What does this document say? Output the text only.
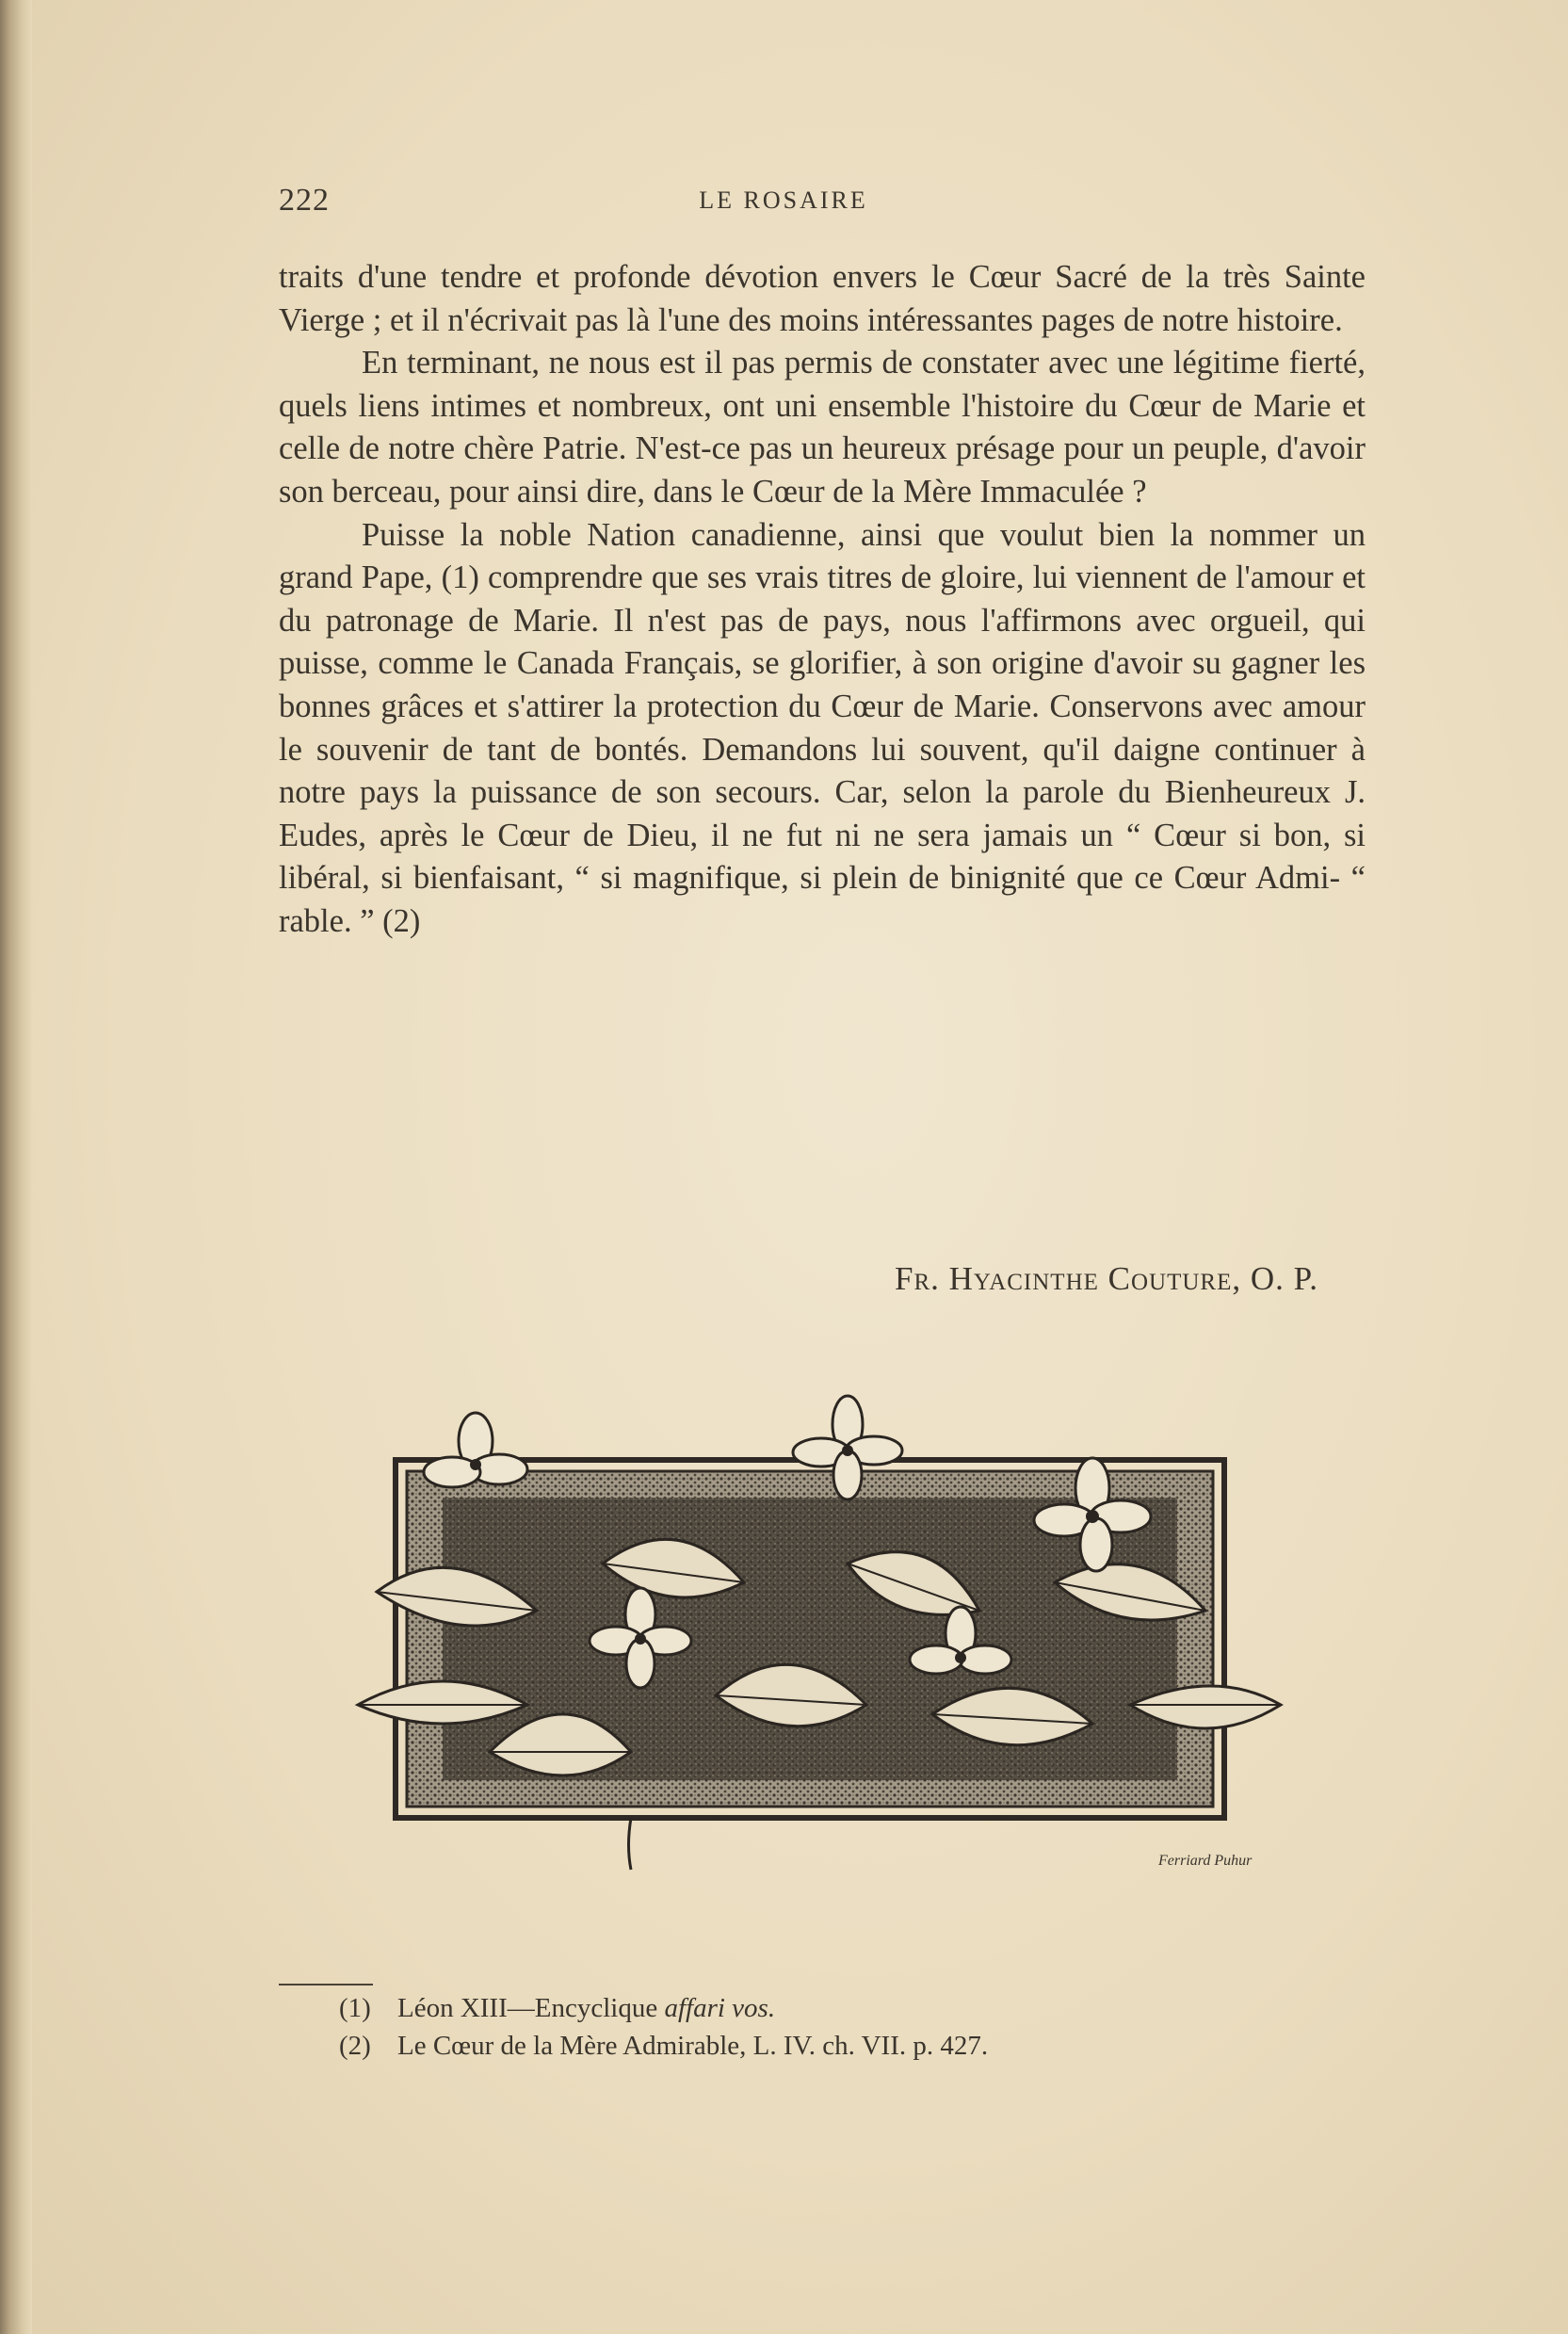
222	LE ROSAIRE

traits d'une tendre et profonde dévotion envers le Cœur Sacré de la très Sainte Vierge ; et il n'écrivait pas là l'une des moins intéressantes pages de notre histoire.

En terminant, ne nous est il pas permis de constater avec une légitime fierté, quels liens intimes et nombreux, ont uni ensemble l'histoire du Cœur de Marie et celle de notre chère Patrie. N'est-ce pas un heureux présage pour un peuple, d'avoir son berceau, pour ainsi dire, dans le Cœur de la Mère Immaculée ?

Puisse la noble Nation canadienne, ainsi que voulut bien la nommer un grand Pape, (1) comprendre que ses vrais titres de gloire, lui viennent de l'amour et du patronage de Marie. Il n'est pas de pays, nous l'affirmons avec orgueil, qui puisse, comme le Canada Français, se glorifier, à son origine d'avoir su gagner les bonnes grâces et s'attirer la protection du Cœur de Marie. Conservons avec amour le souvenir de tant de bontés. Demandons lui souvent, qu'il daigne continuer à notre pays la puissance de son secours. Car, selon la parole du Bienheureux J. Eudes, après le Cœur de Dieu, il ne fut ni ne sera jamais un “ Cœur si bon, si libéral, si bienfaisant, “ si magnifique, si plein de binignité que ce Cœur Admi- “ rable. ” (2)

Fr. Hyacinthe Couture, O. P.
Ferriard Puhur
(1) Léon XIII—Encyclique affari vos.
(2) Le Cœur de la Mère Admirable, L. IV. ch. VII. p. 427.
